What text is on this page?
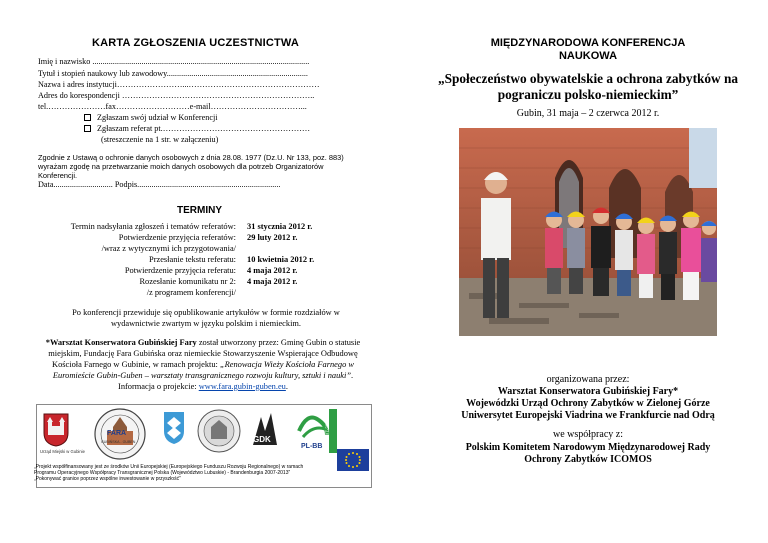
KARTA ZGŁOSZENIA UCZESTNICTWA
Imię i nazwisko ..........................................................................................................
Tytuł i stopień naukowy lub zawodowy.....................................................................
Nazwa i adres instytucji……………………...…………………………………………
Adres do korespondencji ……………………………………………………………..
tel.…………………fax………………………e-mail……………………………...
Zgłaszam swój udział w Konferencji
Zgłaszam referat pt.………………………………………………
(streszczenie na 1 str. w załączeniu)
Zgodnie z Ustawą o ochronie danych osobowych z dnia 28.08. 1977 (Dz.U. Nr 133, poz. 883) wyrażam zgodę na przetwarzanie moich danych osobowych dla potrzeb Organizatorów Konferencji.
Data............................. Podpis......................................................................
TERMINY
Termin nadsyłania zgłoszeń i tematów referatów:
Potwierdzenie przyjęcia referatów:
/wraz z wytycznymi ich przygotowania/
Przesłanie tekstu referatu:
Potwierdzenie przyjęcia referatu:
Rozesłanie komunikatu nr 2:
/z programem konferencji/
31 stycznia 2012 r.
29 luty 2012 r.
10 kwietnia 2012 r.
4 maja 2012 r.
4 maja 2012 r.
Po konferencji przewiduje się opublikowanie artykułów w formie rozdziałów w wydawnictwie zwartym w języku polskim i niemieckim.
*Warsztat Konserwatora Gubińskiej Fary został utworzony przez: Gminę Gubin o statusie miejskim, Fundację Fara Gubińska oraz niemieckie Stowarzyszenie Wspierające Odbudowę Kościoła Farnego w Gubinie, w ramach projektu: „Renowacja Wieży Kościoła Farnego w Euromieście Gubin-Guben – warsztaty transgranicznego rozwoju kultury, sztuki i nauki”. Informacja o projekcie: www.fara.gubin-guben.eu.
Urząd Miejski w Gubinie
FARA
GUBIŃSKA - GUBEN	GDK
PL-BB
2007-2013
„Projekt współfinansowany jest ze środków Unii Europejskiej (Europejskiego Funduszu Rozwoju Regionalnego) w ramach Programu Operacyjnego Współpracy Transgranicznej Polska (Województwo Lubuskie) - Brandenburgia 2007-2013” „Pokonywać granice poprzez wspólne inwestowanie w przyszłość”
MIĘDZYNARODOWA KONFERENCJA NAUKOWA
„Społeczeństwo obywatelskie a ochrona zabytków na pograniczu polsko-niemieckim”
Gubin, 31 maja – 2 czerwca 2012 r.
organizowana przez:
Warsztat Konserwatora Gubińskiej Fary*
Wojewódzki Urząd Ochrony Zabytków w Zielonej Górze
Uniwersytet Europejski Viadrina we Frankfurcie nad Odrą
we współpracy z:
Polskim Komitetem Narodowym Międzynarodowej Rady
Ochrony Zabytków ICOMOS
